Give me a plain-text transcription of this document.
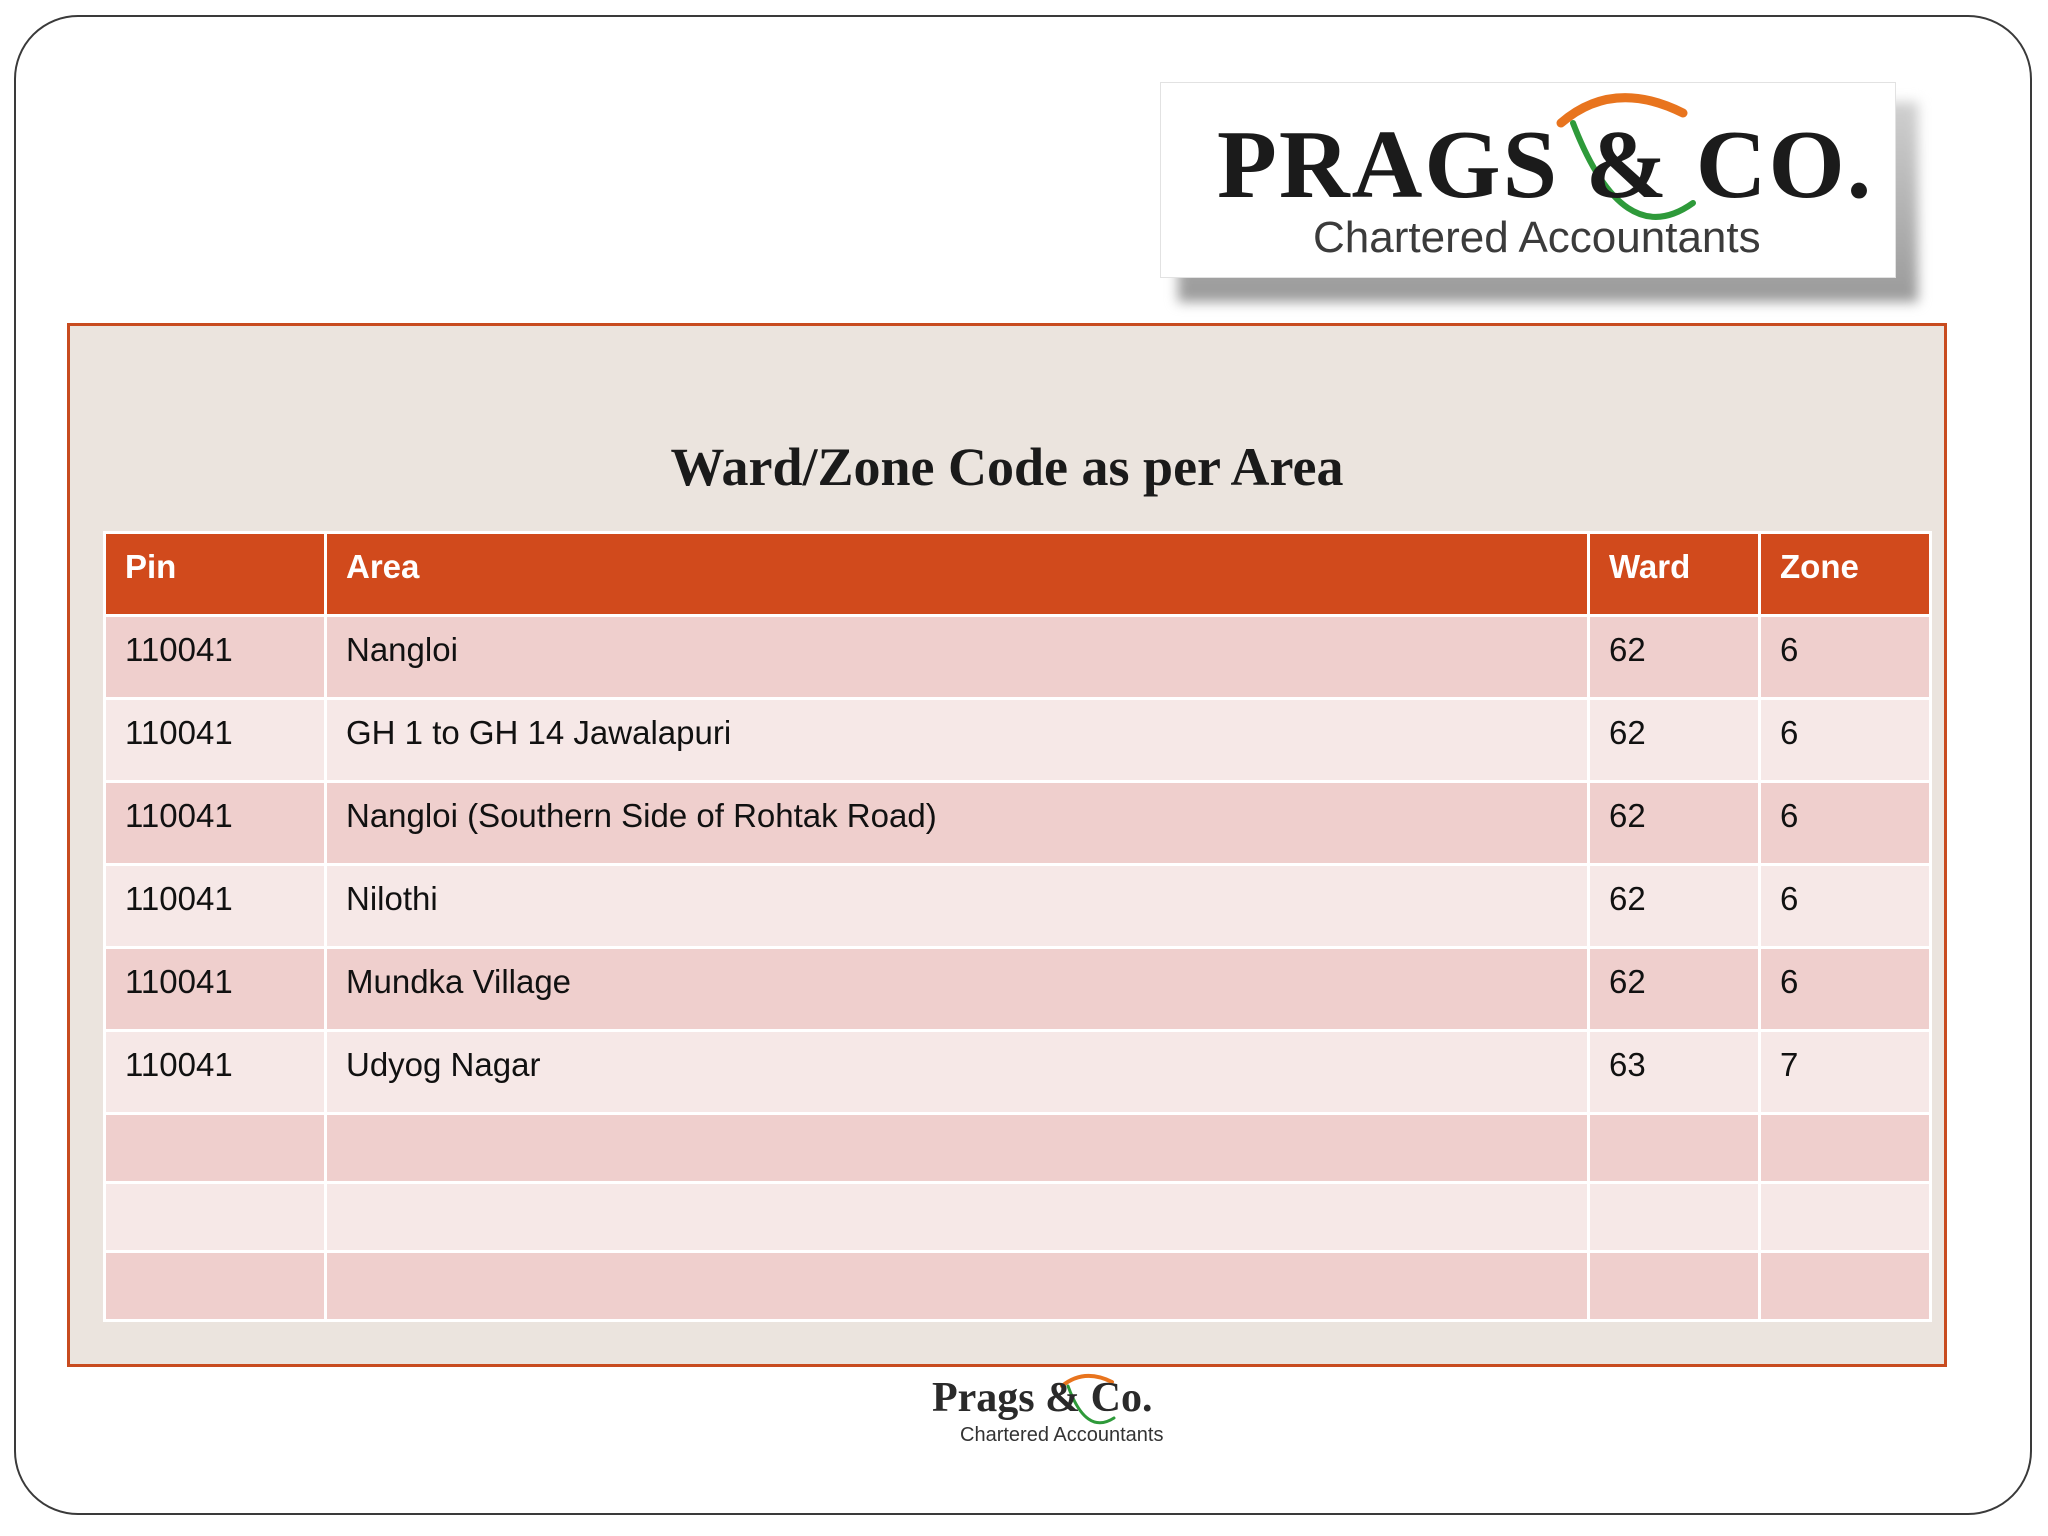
PRAGS & CO.
Chartered Accountants
Ward/Zone Code as per Area
Pin	Area	Ward	Zone
110041	Nangloi	62	6
110041	GH 1 to GH 14 Jawalapuri	62	6
110041	Nangloi (Southern Side of Rohtak Road)	62	6
110041	Nilothi	62	6
110041	Mundka Village	62	6
110041	Udyog Nagar	63	7

Prags & Co.
Chartered Accountants
